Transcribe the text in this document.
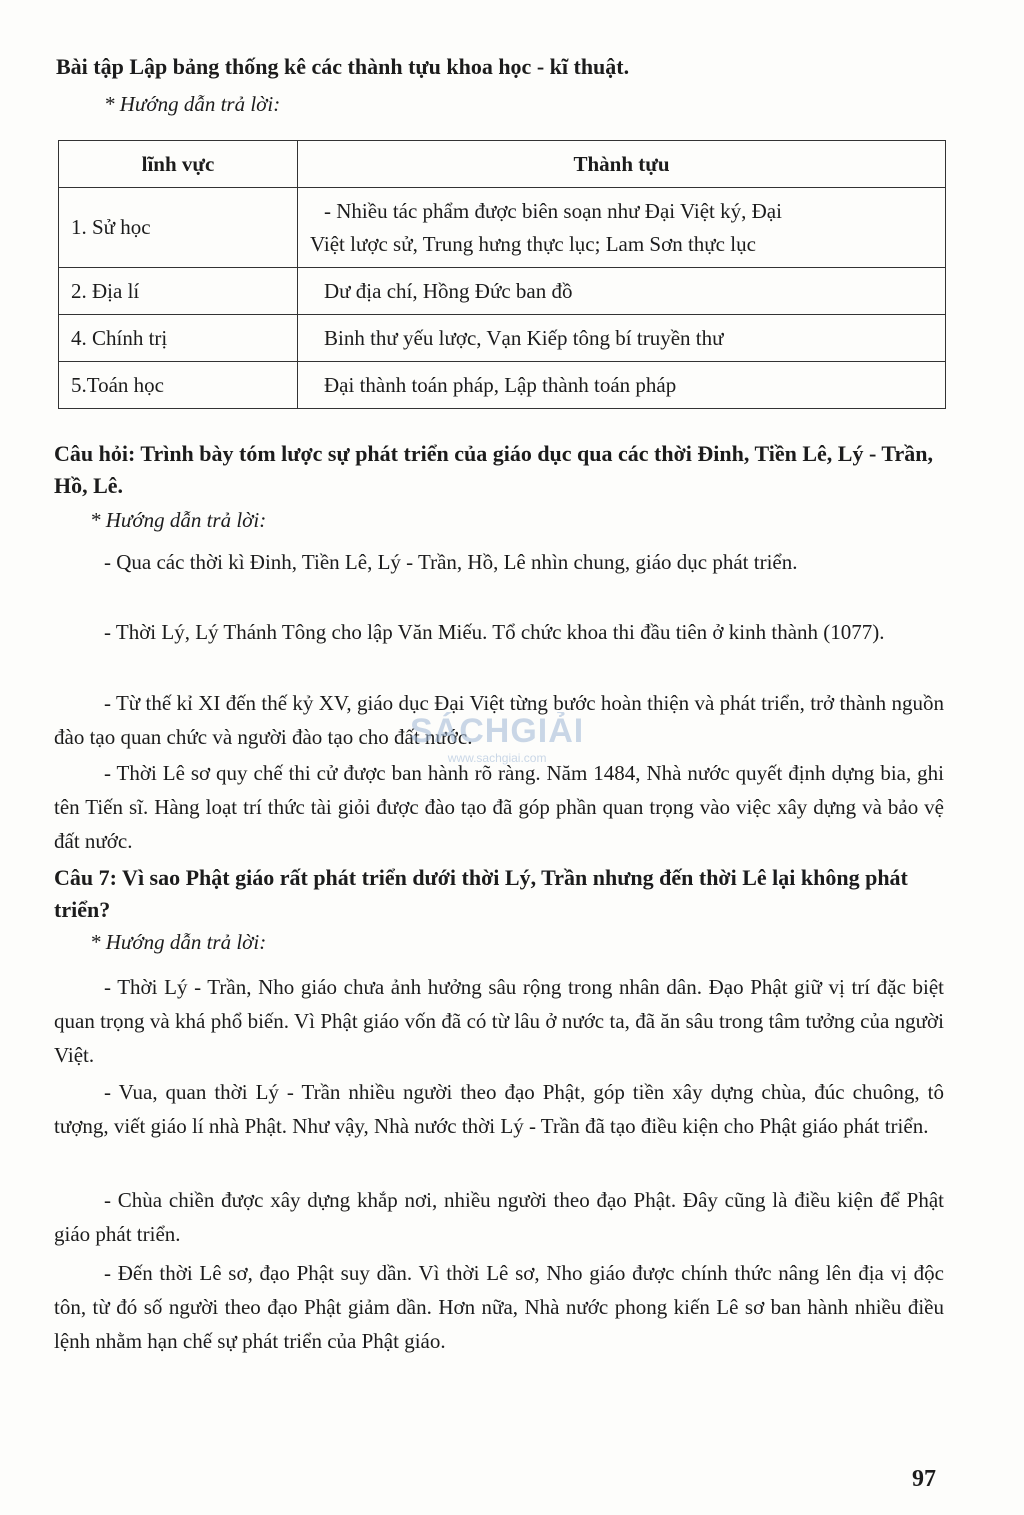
Bài tập Lập bảng thống kê các thành tựu khoa học - kĩ thuật.
* Hướng dẫn trả lời:
lĩnh vực	Thành tựu
1. Sử học	- Nhiều tác phẩm được biên soạn như Đại Việt ký, Đại
Việt lược sử, Trung hưng thực lục; Lam Sơn thực lục

2. Địa lí	Dư địa chí, Hồng Đức ban đồ

4. Chính trị	Binh thư yếu lược, Vạn Kiếp tông bí truyền thư

5.Toán học	Đại thành toán pháp, Lập thành toán pháp
Câu hỏi: Trình bày tóm lược sự phát triển của giáo dục qua các thời Đinh, Tiền Lê, Lý - Trần, Hồ, Lê.
* Hướng dẫn trả lời:
- Qua các thời kì Đinh, Tiền Lê, Lý - Trần, Hồ, Lê nhìn chung, giáo dục phát triển.
- Thời Lý, Lý Thánh Tông cho lập Văn Miếu. Tổ chức khoa thi đầu tiên ở kinh thành (1077).
- Từ thế kỉ XI đến thế kỷ XV, giáo dục Đại Việt từng bước hoàn thiện và phát triển, trở thành nguồn đào tạo quan chức và người đào tạo cho đất nước.
- Thời Lê sơ quy chế thi cử được ban hành rõ ràng. Năm 1484, Nhà nước quyết định dựng bia, ghi tên Tiến sĩ. Hàng loạt trí thức tài giỏi được đào tạo đã góp phần quan trọng vào việc xây dựng và bảo vệ đất nước.
SÁCHGIẢI
www.sachgiai.com
Câu 7: Vì sao Phật giáo rất phát triển dưới thời Lý, Trần nhưng đến thời Lê lại không phát triển?
* Hướng dẫn trả lời:
- Thời Lý - Trần, Nho giáo chưa ảnh hưởng sâu rộng trong nhân dân. Đạo Phật giữ vị trí đặc biệt quan trọng và khá phổ biến. Vì Phật giáo vốn đã có từ lâu ở nước ta, đã ăn sâu trong tâm tưởng của người Việt.
- Vua, quan thời Lý - Trần nhiều người theo đạo Phật, góp tiền xây dựng chùa, đúc chuông, tô tượng, viết giáo lí nhà Phật. Như vậy, Nhà nước thời Lý - Trần đã tạo điều kiện cho Phật giáo phát triển.
- Chùa chiền được xây dựng khắp nơi, nhiều người theo đạo Phật. Đây cũng là điều kiện để Phật giáo phát triển.
- Đến thời Lê sơ, đạo Phật suy dần. Vì thời Lê sơ, Nho giáo được chính thức nâng lên địa vị độc tôn, từ đó số người theo đạo Phật giảm dần. Hơn nữa, Nhà nước phong kiến Lê sơ ban hành nhiều điều lệnh nhằm hạn chế sự phát triển của Phật giáo.
97
